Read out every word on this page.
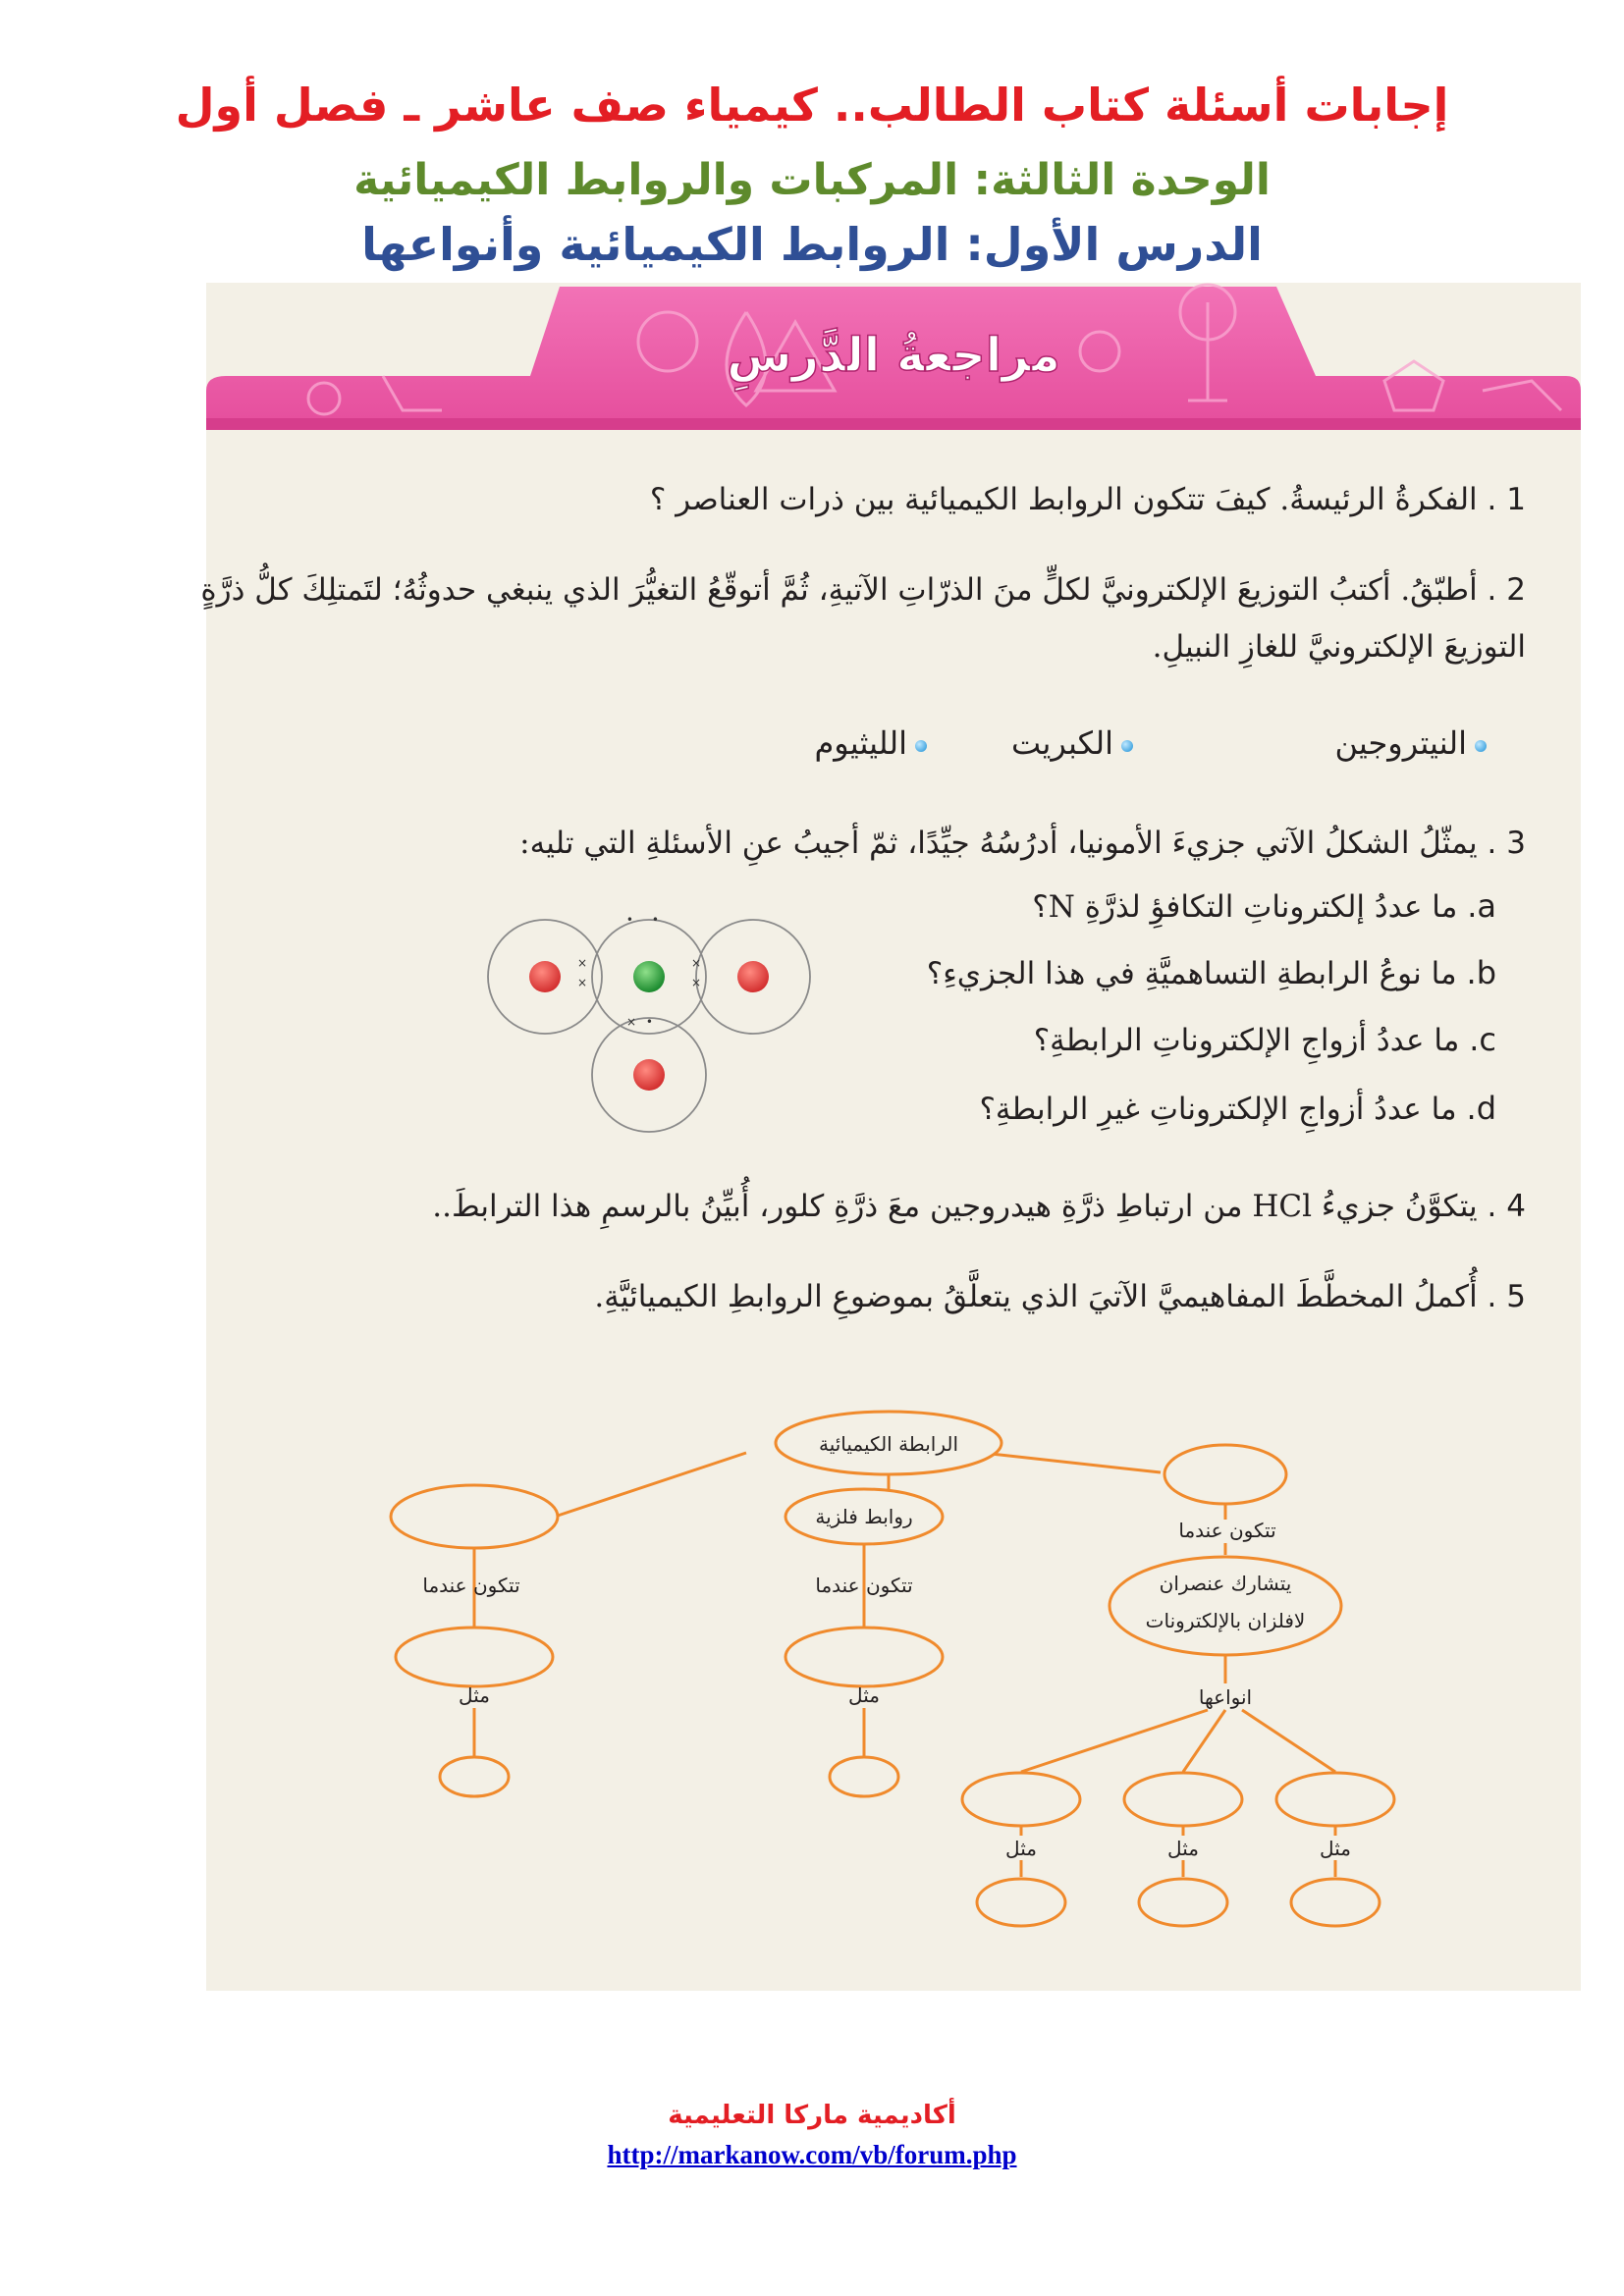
إجابات أسئلة كتاب الطالب.. كيمياء صف عاشر ـ فصل أول
الوحدة الثالثة: المركبات والروابط الكيميائية
الدرس الأول: الروابط الكيميائية وأنواعها
مراجعةُ الدَّرسِ
1 . الفكرةُ الرئيسةُ. كيفَ تتكون الروابط الكيميائية بين ذرات العناصر ؟
2 . أطبّقُ. أكتبُ التوزيعَ الإلكترونيَّ لكلٍّ منَ الذرّاتِ الآتيةِ، ثُمَّ أتوقّعُ التغيُّرَ الذي ينبغي حدوثُهُ؛ لتَمتلِكَ كلُّ ذرَّةٍ التوزيعَ الإلكترونيَّ للغازِ النبيلِ.
النيتروجين
الكبريت
الليثيوم
3 . يمثّلُ الشكلُ الآتي جزيءَ الأمونيا، أدرُسُهُ جيِّدًا، ثمّ أجيبُ عنِ الأسئلةِ التي تليه:
a. ما عددُ إلكتروناتِ التكافؤِ لذرَّةِ N؟
b. ما نوعُ الرابطةِ التساهميَّةِ في هذا الجزيءِ؟
c. ما عددُ أزواجِ الإلكتروناتِ الرابطةِ؟
d. ما عددُ أزواجِ الإلكتروناتِ غيرِ الرابطةِ؟
×
×
×
×
× •
• •
4 . يتكوَّنُ جزيءُ HCl من ارتباطِ ذرَّةِ هيدروجين معَ ذرَّةِ كلور، أُبيِّنُ بالرسمِ هذا الترابطَ..
5 . أُكملُ المخطَّطَ المفاهيميَّ الآتيَ الذي يتعلَّقُ بموضوعِ الروابطِ الكيميائيَّةِ.
الرابطة الكيميائية
روابط فلزية
تتكون عندما
يتشارك عنصران
لافلزان بالإلكترونات
تتكون عندما	تتكون عندما
انواعها
مثل	مثل
مثل	مثل	مثل
أكاديمية ماركا التعليمية
http://markanow.com/vb/forum.php
